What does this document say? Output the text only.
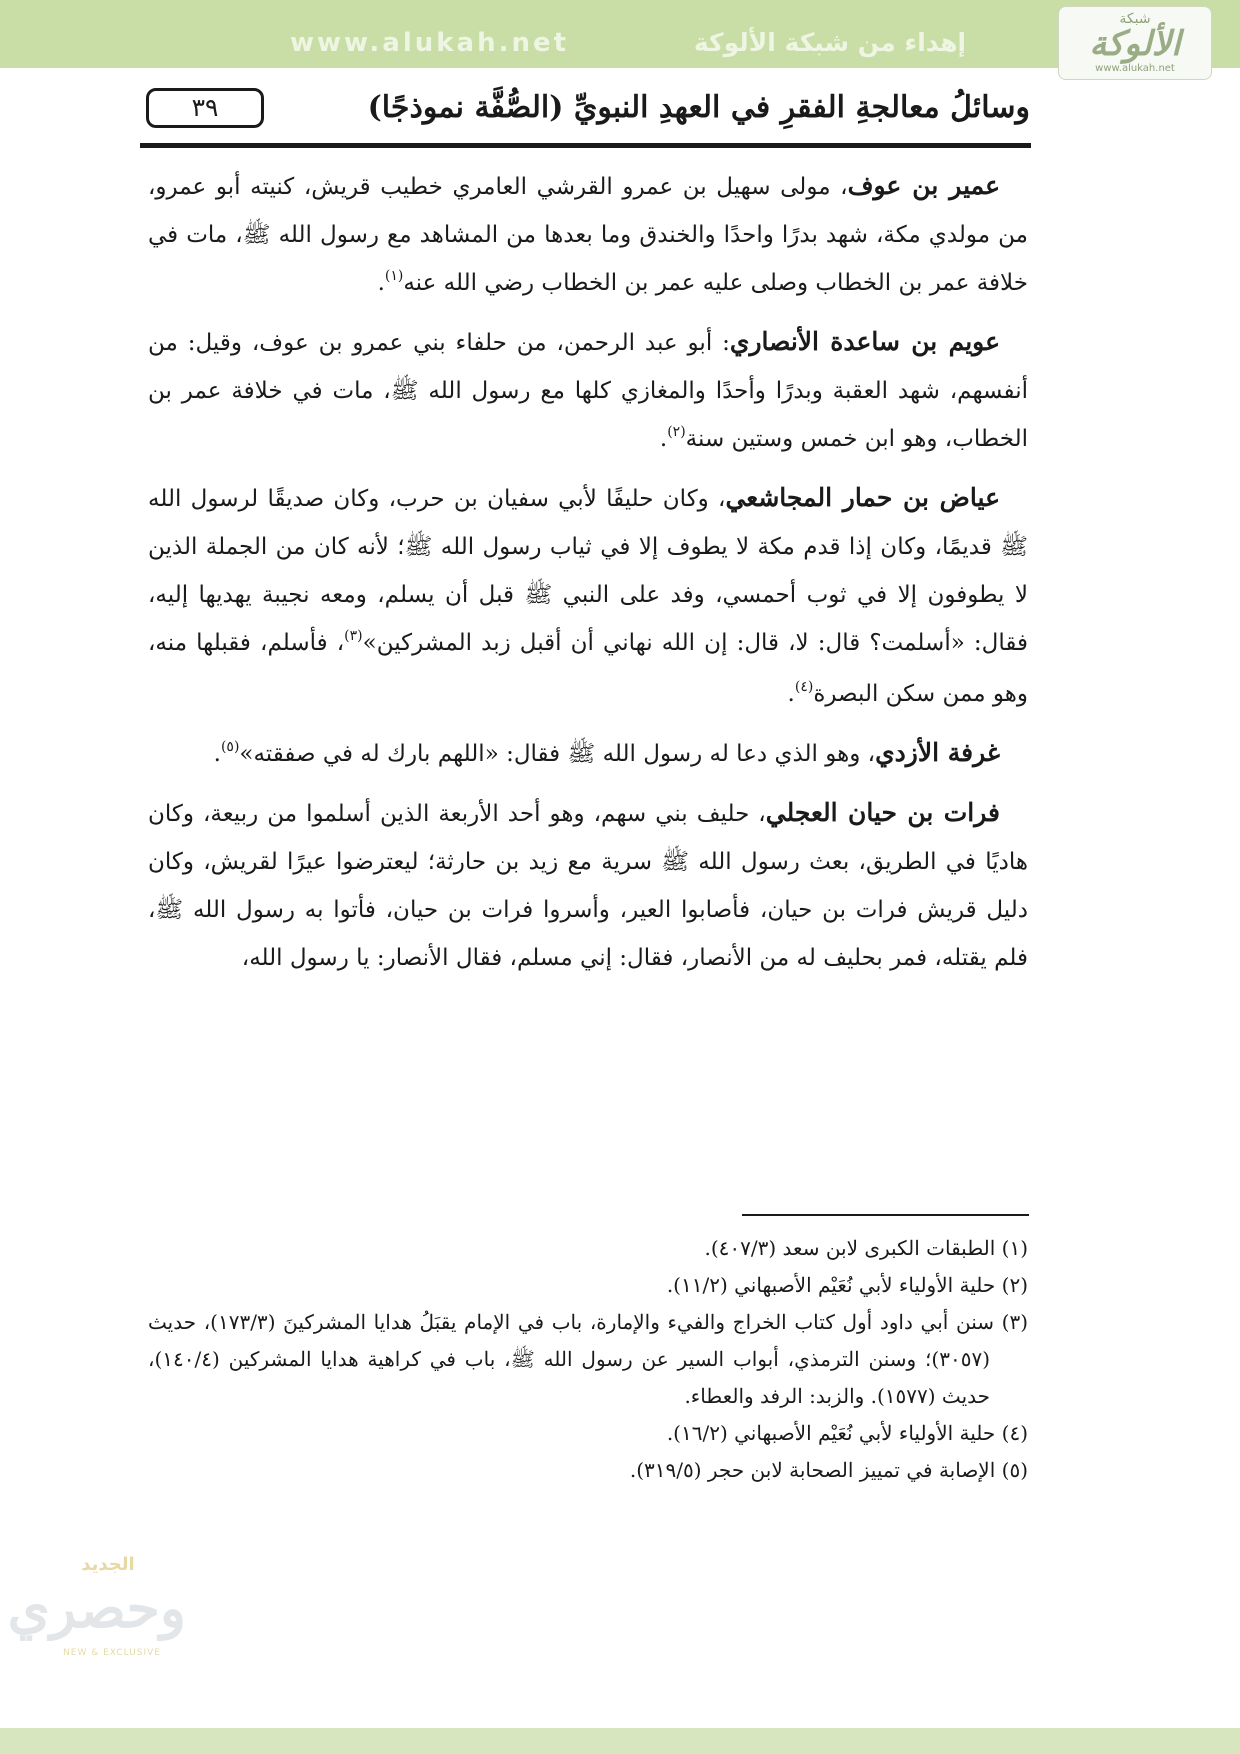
www.alukah.net	إهداء من شبكة الألوكة
شبكة
الألوكة
www.alukah.net
٣٩	وسائلُ معالجةِ الفقرِ في العهدِ النبويِّ (الصُّفَّة نموذجًا)

عمير بن عوف، مولى سهيل بن عمرو القرشي العامري خطيب قريش، كنيته أبو عمرو، من مولدي مكة، شهد بدرًا واحدًا والخندق وما بعدها من المشاهد مع رسول الله ﷺ، مات في خلافة عمر بن الخطاب وصلى عليه عمر بن الخطاب رضي الله عنه$^{(١)}$.

عويم بن ساعدة الأنصاري: أبو عبد الرحمن، من حلفاء بني عمرو بن عوف، وقيل: من أنفسهم، شهد العقبة وبدرًا وأحدًا والمغازي كلها مع رسول الله ﷺ، مات في خلافة عمر بن الخطاب، وهو ابن خمس وستين سنة$^{(٢)}$.

عياض بن حمار المجاشعي، وكان حليفًا لأبي سفيان بن حرب، وكان صديقًا لرسول الله ﷺ قديمًا، وكان إذا قدم مكة لا يطوف إلا في ثياب رسول الله ﷺ؛ لأنه كان من الجملة الذين لا يطوفون إلا في ثوب أحمسي، وفد على النبي ﷺ قبل أن يسلم، ومعه نجيبة يهديها إليه، فقال: «أسلمت؟ قال: لا، قال: إن الله نهاني أن أقبل زبد المشركين»$^{(٣)}$، فأسلم، فقبلها منه، وهو ممن سكن البصرة$^{(٤)}$.

غرفة الأزدي، وهو الذي دعا له رسول الله ﷺ فقال: «اللهم بارك له في صفقته»$^{(٥)}$.

فرات بن حيان العجلي، حليف بني سهم، وهو أحد الأربعة الذين أسلموا من ربيعة، وكان هاديًا في الطريق، بعث رسول الله ﷺ سرية مع زيد بن حارثة؛ ليعترضوا عيرًا لقريش، وكان دليل قريش فرات بن حيان، فأصابوا العير، وأسروا فرات بن حيان، فأتوا به رسول الله ﷺ، فلم يقتله، فمر بحليف له من الأنصار، فقال: إني مسلم، فقال الأنصار: يا رسول الله،

(١) الطبقات الكبرى لابن سعد (٤٠٧/٣).
(٢) حلية الأولياء لأبي نُعَيْم الأصبهاني (١١/٢).
(٣) سنن أبي داود أول كتاب الخراج والفيء والإمارة، باب في الإمام يقبَلُ هدايا المشركينَ (١٧٣/٣)، حديث (٣٠٥٧)؛ وسنن الترمذي، أبواب السير عن رسول الله ﷺ، باب في كراهية هدايا المشركين (١٤٠/٤)، حديث (١٥٧٧). والزبد: الرفد والعطاء.
(٤) حلية الأولياء لأبي نُعَيْم الأصبهاني (١٦/٢).
(٥) الإصابة في تمييز الصحابة لابن حجر (٣١٩/٥).
الجديد
وحصري
NEW & EXCLUSIVE
